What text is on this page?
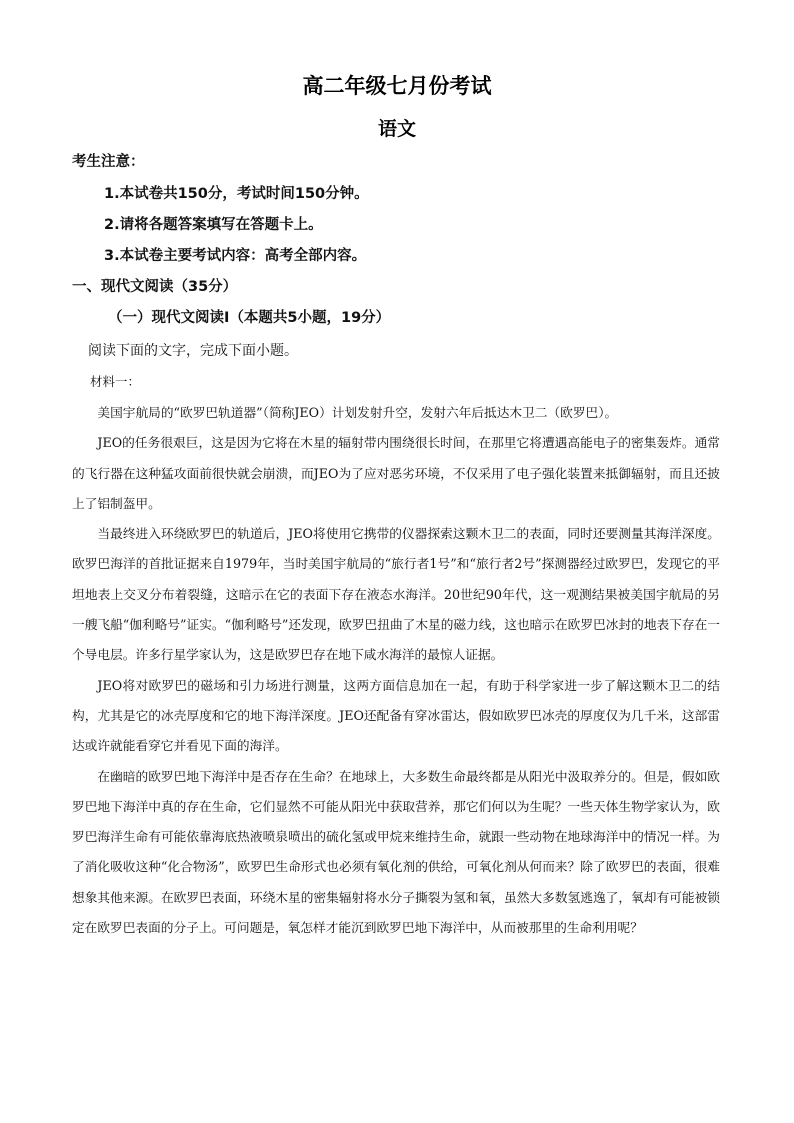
高二年级七月份考试
语文
考生注意：
1.本试卷共150分，考试时间150分钟。
2.请将各题答案填写在答题卡上。
3.本试卷主要考试内容：高考全部内容。
一、现代文阅读（35分）
（一）现代文阅读Ⅰ（本题共5小题，19分）
阅读下面的文字，完成下面小题。
材料一：

美国宇航局的“欧罗巴轨道器”（简称JEO）计划发射升空，发射六年后抵达木卫二（欧罗巴）。

JEO的任务很艰巨，这是因为它将在木星的辐射带内围绕很长时间，在那里它将遭遇高能电子的密集轰炸。通常的飞行器在这种猛攻面前很快就会崩溃，而JEO为了应对恶劣环境，不仅采用了电子强化装置来抵御辐射，而且还披上了铝制盔甲。

当最终进入环绕欧罗巴的轨道后，JEO将使用它携带的仪器探索这颗木卫二的表面，同时还要测量其海洋深度。欧罗巴海洋的首批证据来自1979年，当时美国宇航局的“旅行者1号”和“旅行者2号”探测器经过欧罗巴，发现它的平坦地表上交叉分布着裂缝，这暗示在它的表面下存在液态水海洋。20世纪90年代，这一观测结果被美国宇航局的另一艘飞船“伽利略号”证实。“伽利略号”还发现，欧罗巴扭曲了木星的磁力线，这也暗示在欧罗巴冰封的地表下存在一个导电层。许多行星学家认为，这是欧罗巴存在地下咸水海洋的最惊人证据。

JEO将对欧罗巴的磁场和引力场进行测量，这两方面信息加在一起，有助于科学家进一步了解这颗木卫二的结构，尤其是它的冰壳厚度和它的地下海洋深度。JEO还配备有穿冰雷达，假如欧罗巴冰壳的厚度仅为几千米，这部雷达或许就能看穿它并看见下面的海洋。

在幽暗的欧罗巴地下海洋中是否存在生命？在地球上，大多数生命最终都是从阳光中汲取养分的。但是，假如欧罗巴地下海洋中真的存在生命，它们显然不可能从阳光中获取营养，那它们何以为生呢？一些天体生物学家认为，欧罗巴海洋生命有可能依靠海底热液喷泉喷出的硫化氢或甲烷来维持生命，就跟一些动物在地球海洋中的情况一样。为了消化吸收这种“化合物汤”，欧罗巴生命形式也必须有氧化剂的供给，可氧化剂从何而来？除了欧罗巴的表面，很难想象其他来源。在欧罗巴表面，环绕木星的密集辐射将水分子撕裂为氢和氧，虽然大多数氢逃逸了，氧却有可能被锁定在欧罗巴表面的分子上。可问题是，氧怎样才能沉到欧罗巴地下海洋中，从而被那里的生命利用呢？
